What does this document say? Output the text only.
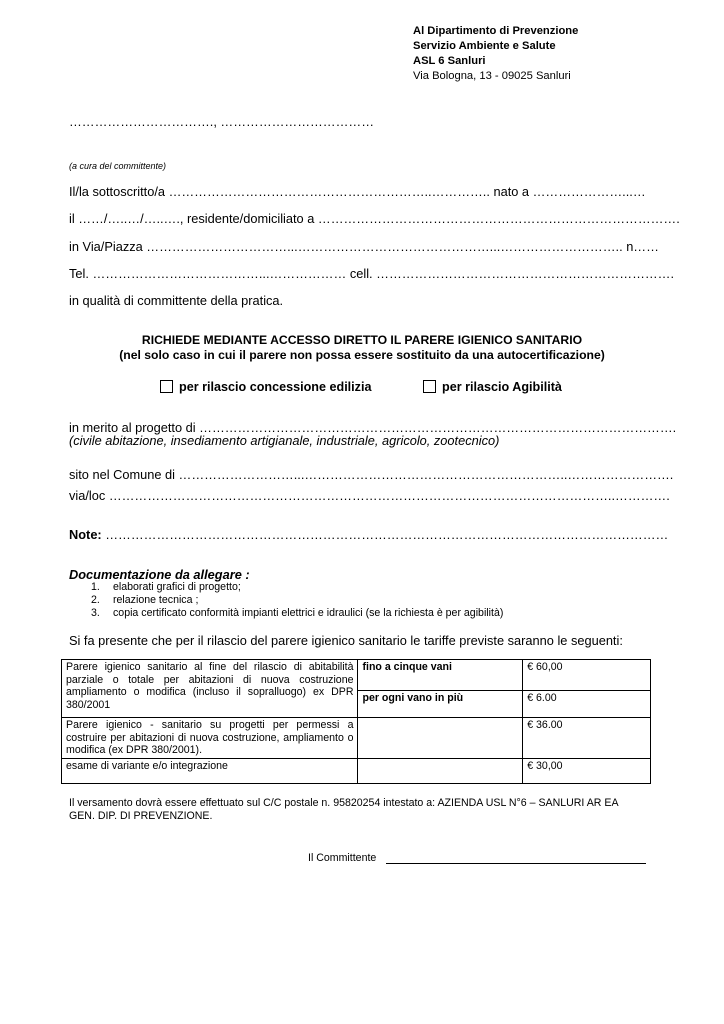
Al Dipartimento di Prevenzione
Servizio Ambiente e Salute
ASL 6 Sanluri
Via Bologna, 13 - 09025 Sanluri
……………………………., ………………………………
(a cura del committente)
Il/la sottoscritto/a ……………………………………………………..………….. nato a …………………...…
il ……/…..…/…..…., residente/domiciliato a ………………………………………………………………………….
in Via/Piazza ……………………………...………………………………………...……………………….. n……
Tel. …………………………………...……………… cell. …………………………………………………………….
in qualità di committente della pratica.
RICHIEDE MEDIANTE ACCESSO DIRETTO IL PARERE IGIENICO SANITARIO
(nel solo caso in cui il parere non possa essere sostituito da una autocertificazione)
per rilascio concessione edilizia	per rilascio Agibilità
in merito al progetto di ………………………………………………………………………………………………….
(civile abitazione, insediamento artigianale, industriale, agricolo, zootecnico)
sito nel Comune di ………………………...……………………………………………………..…………………….
via/loc ………………………………………………………………………………………………………..………….
Note: ……………………………………………………………………………………………………………………
Documentazione da allegare :
1. elaborati grafici di progetto;
2. relazione tecnica ;
3. copia certificato conformità impianti elettrici e idraulici (se la richiesta è per agibilità)
Si fa presente che per il rilascio del parere igienico sanitario le tariffe previste saranno le seguenti:
Parere igienico sanitario al fine del rilascio di abitabilità parziale o totale per abitazioni di nuova costruzione ampliamento o modifica (incluso il sopralluogo) ex DPR 380/2001	fino a cinque vani	€ 60,00
	per ogni vano in più	€ 6.00
Parere igienico - sanitario su progetti per permessi a costruire per abitazioni di nuova costruzione, ampliamento o modifica (ex DPR 380/2001).		€ 36.00
esame di variante e/o integrazione		€ 30,00
Il versamento dovrà essere effettuato sul C/C postale n. 95820254 intestato a: AZIENDA USL N°6 – SANLURI AR EA
GEN. DIP. DI PREVENZIONE.
Il Committente
